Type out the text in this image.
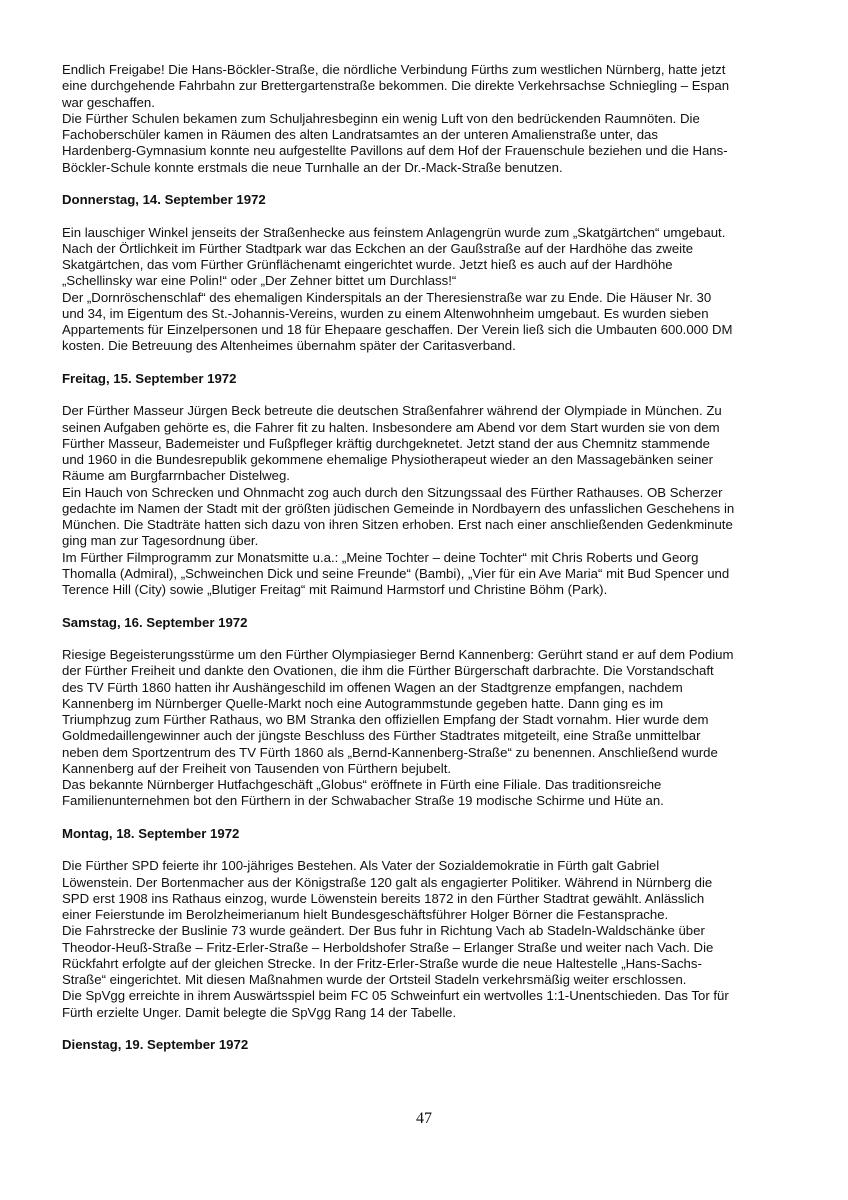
Endlich Freigabe! Die Hans-Böckler-Straße, die nördliche Verbindung Fürths zum westlichen Nürnberg, hatte jetzt
eine durchgehende Fahrbahn zur Brettergartenstraße bekommen. Die direkte Verkehrsachse Schniegling – Espan
war geschaffen.
Die Fürther Schulen bekamen zum Schuljahresbeginn ein wenig Luft von den bedrückenden Raumnöten. Die
Fachoberschüler kamen in Räumen des alten Landratsamtes an der unteren Amalienstraße unter, das
Hardenberg-Gymnasium konnte neu aufgestellte Pavillons auf dem Hof der Frauenschule beziehen und die Hans-
Böckler-Schule konnte erstmals die neue Turnhalle an der Dr.-Mack-Straße benutzen.
Donnerstag, 14. September 1972
Ein lauschiger Winkel jenseits der Straßenhecke aus feinstem Anlagengrün wurde zum „Skatgärtchen“ umgebaut.
Nach der Örtlichkeit im Fürther Stadtpark war das Eckchen an der Gaußstraße auf der Hardhöhe das zweite
Skatgärtchen, das vom Fürther Grünflächenamt eingerichtet wurde. Jetzt hieß es auch auf der Hardhöhe
„Schellinsky war eine Polin!“ oder „Der Zehner bittet um Durchlass!“
Der „Dornröschenschlaf“ des ehemaligen Kinderspitals an der Theresienstraße war zu Ende. Die Häuser Nr. 30
und 34, im Eigentum des St.-Johannis-Vereins, wurden zu einem Altenwohnheim umgebaut. Es wurden sieben
Appartements für Einzelpersonen und 18 für Ehepaare geschaffen. Der Verein ließ sich die Umbauten 600.000 DM
kosten. Die Betreuung des Altenheimes übernahm später der Caritasverband.
Freitag, 15. September 1972
Der Fürther Masseur Jürgen Beck betreute die deutschen Straßenfahrer während der Olympiade in München. Zu
seinen Aufgaben gehörte es, die Fahrer fit zu halten. Insbesondere am Abend vor dem Start wurden sie von dem
Fürther Masseur, Bademeister und Fußpfleger kräftig durchgeknetet. Jetzt stand der aus Chemnitz stammende
und 1960 in die Bundesrepublik gekommene ehemalige Physiotherapeut wieder an den Massagebänken seiner
Räume am Burgfarrnbacher Distelweg.
Ein Hauch von Schrecken und Ohnmacht zog auch durch den Sitzungssaal des Fürther Rathauses. OB Scherzer
gedachte im Namen der Stadt mit der größten jüdischen Gemeinde in Nordbayern des unfasslichen Geschehens in
München. Die Stadträte hatten sich dazu von ihren Sitzen erhoben. Erst nach einer anschließenden Gedenkminute
ging man zur Tagesordnung über.
Im Fürther Filmprogramm zur Monatsmitte u.a.: „Meine Tochter – deine Tochter“ mit Chris Roberts und Georg
Thomalla (Admiral), „Schweinchen Dick und seine Freunde“ (Bambi), „Vier für ein Ave Maria“ mit Bud Spencer und
Terence Hill (City) sowie „Blutiger Freitag“ mit Raimund Harmstorf und Christine Böhm (Park).
Samstag, 16. September 1972
Riesige Begeisterungsstürme um den Fürther Olympiasieger Bernd Kannenberg: Gerührt stand er auf dem Podium
der Fürther Freiheit und dankte den Ovationen, die ihm die Fürther Bürgerschaft darbrachte. Die Vorstandschaft
des TV Fürth 1860 hatten ihr Aushängeschild im offenen Wagen an der Stadtgrenze empfangen, nachdem
Kannenberg im Nürnberger Quelle-Markt noch eine Autogrammstunde gegeben hatte. Dann ging es im
Triumphzug zum Fürther Rathaus, wo BM Stranka den offiziellen Empfang der Stadt vornahm. Hier wurde dem
Goldmedaillengewinner auch der jüngste Beschluss des Fürther Stadtrates mitgeteilt, eine Straße unmittelbar
neben dem Sportzentrum des TV Fürth 1860 als „Bernd-Kannenberg-Straße“ zu benennen. Anschließend wurde
Kannenberg auf der Freiheit von Tausenden von Fürthern bejubelt.
Das bekannte Nürnberger Hutfachgeschäft „Globus“ eröffnete in Fürth eine Filiale. Das traditionsreiche
Familienunternehmen bot den Fürthern in der Schwabacher Straße 19 modische Schirme und Hüte an.
Montag, 18. September 1972
Die Fürther SPD feierte ihr 100-jähriges Bestehen. Als Vater der Sozialdemokratie in Fürth galt Gabriel
Löwenstein. Der Bortenmacher aus der Königstraße 120 galt als engagierter Politiker. Während in Nürnberg die
SPD erst 1908 ins Rathaus einzog, wurde Löwenstein bereits 1872 in den Fürther Stadtrat gewählt. Anlässlich
einer Feierstunde im Berolzheimerianum hielt Bundesgeschäftsführer Holger Börner die Festansprache.
Die Fahrstrecke der Buslinie 73 wurde geändert. Der Bus fuhr in Richtung Vach ab Stadeln-Waldschänke über
Theodor-Heuß-Straße – Fritz-Erler-Straße – Herboldshofer Straße – Erlanger Straße und weiter nach Vach. Die
Rückfahrt erfolgte auf der gleichen Strecke. In der Fritz-Erler-Straße wurde die neue Haltestelle „Hans-Sachs-
Straße“ eingerichtet. Mit diesen Maßnahmen wurde der Ortsteil Stadeln verkehrsmäßig weiter erschlossen.
Die SpVgg erreichte in ihrem Auswärtsspiel beim FC 05 Schweinfurt ein wertvolles 1:1-Unentschieden. Das Tor für
Fürth erzielte Unger. Damit belegte die SpVgg Rang 14 der Tabelle.
Dienstag, 19. September 1972
47
